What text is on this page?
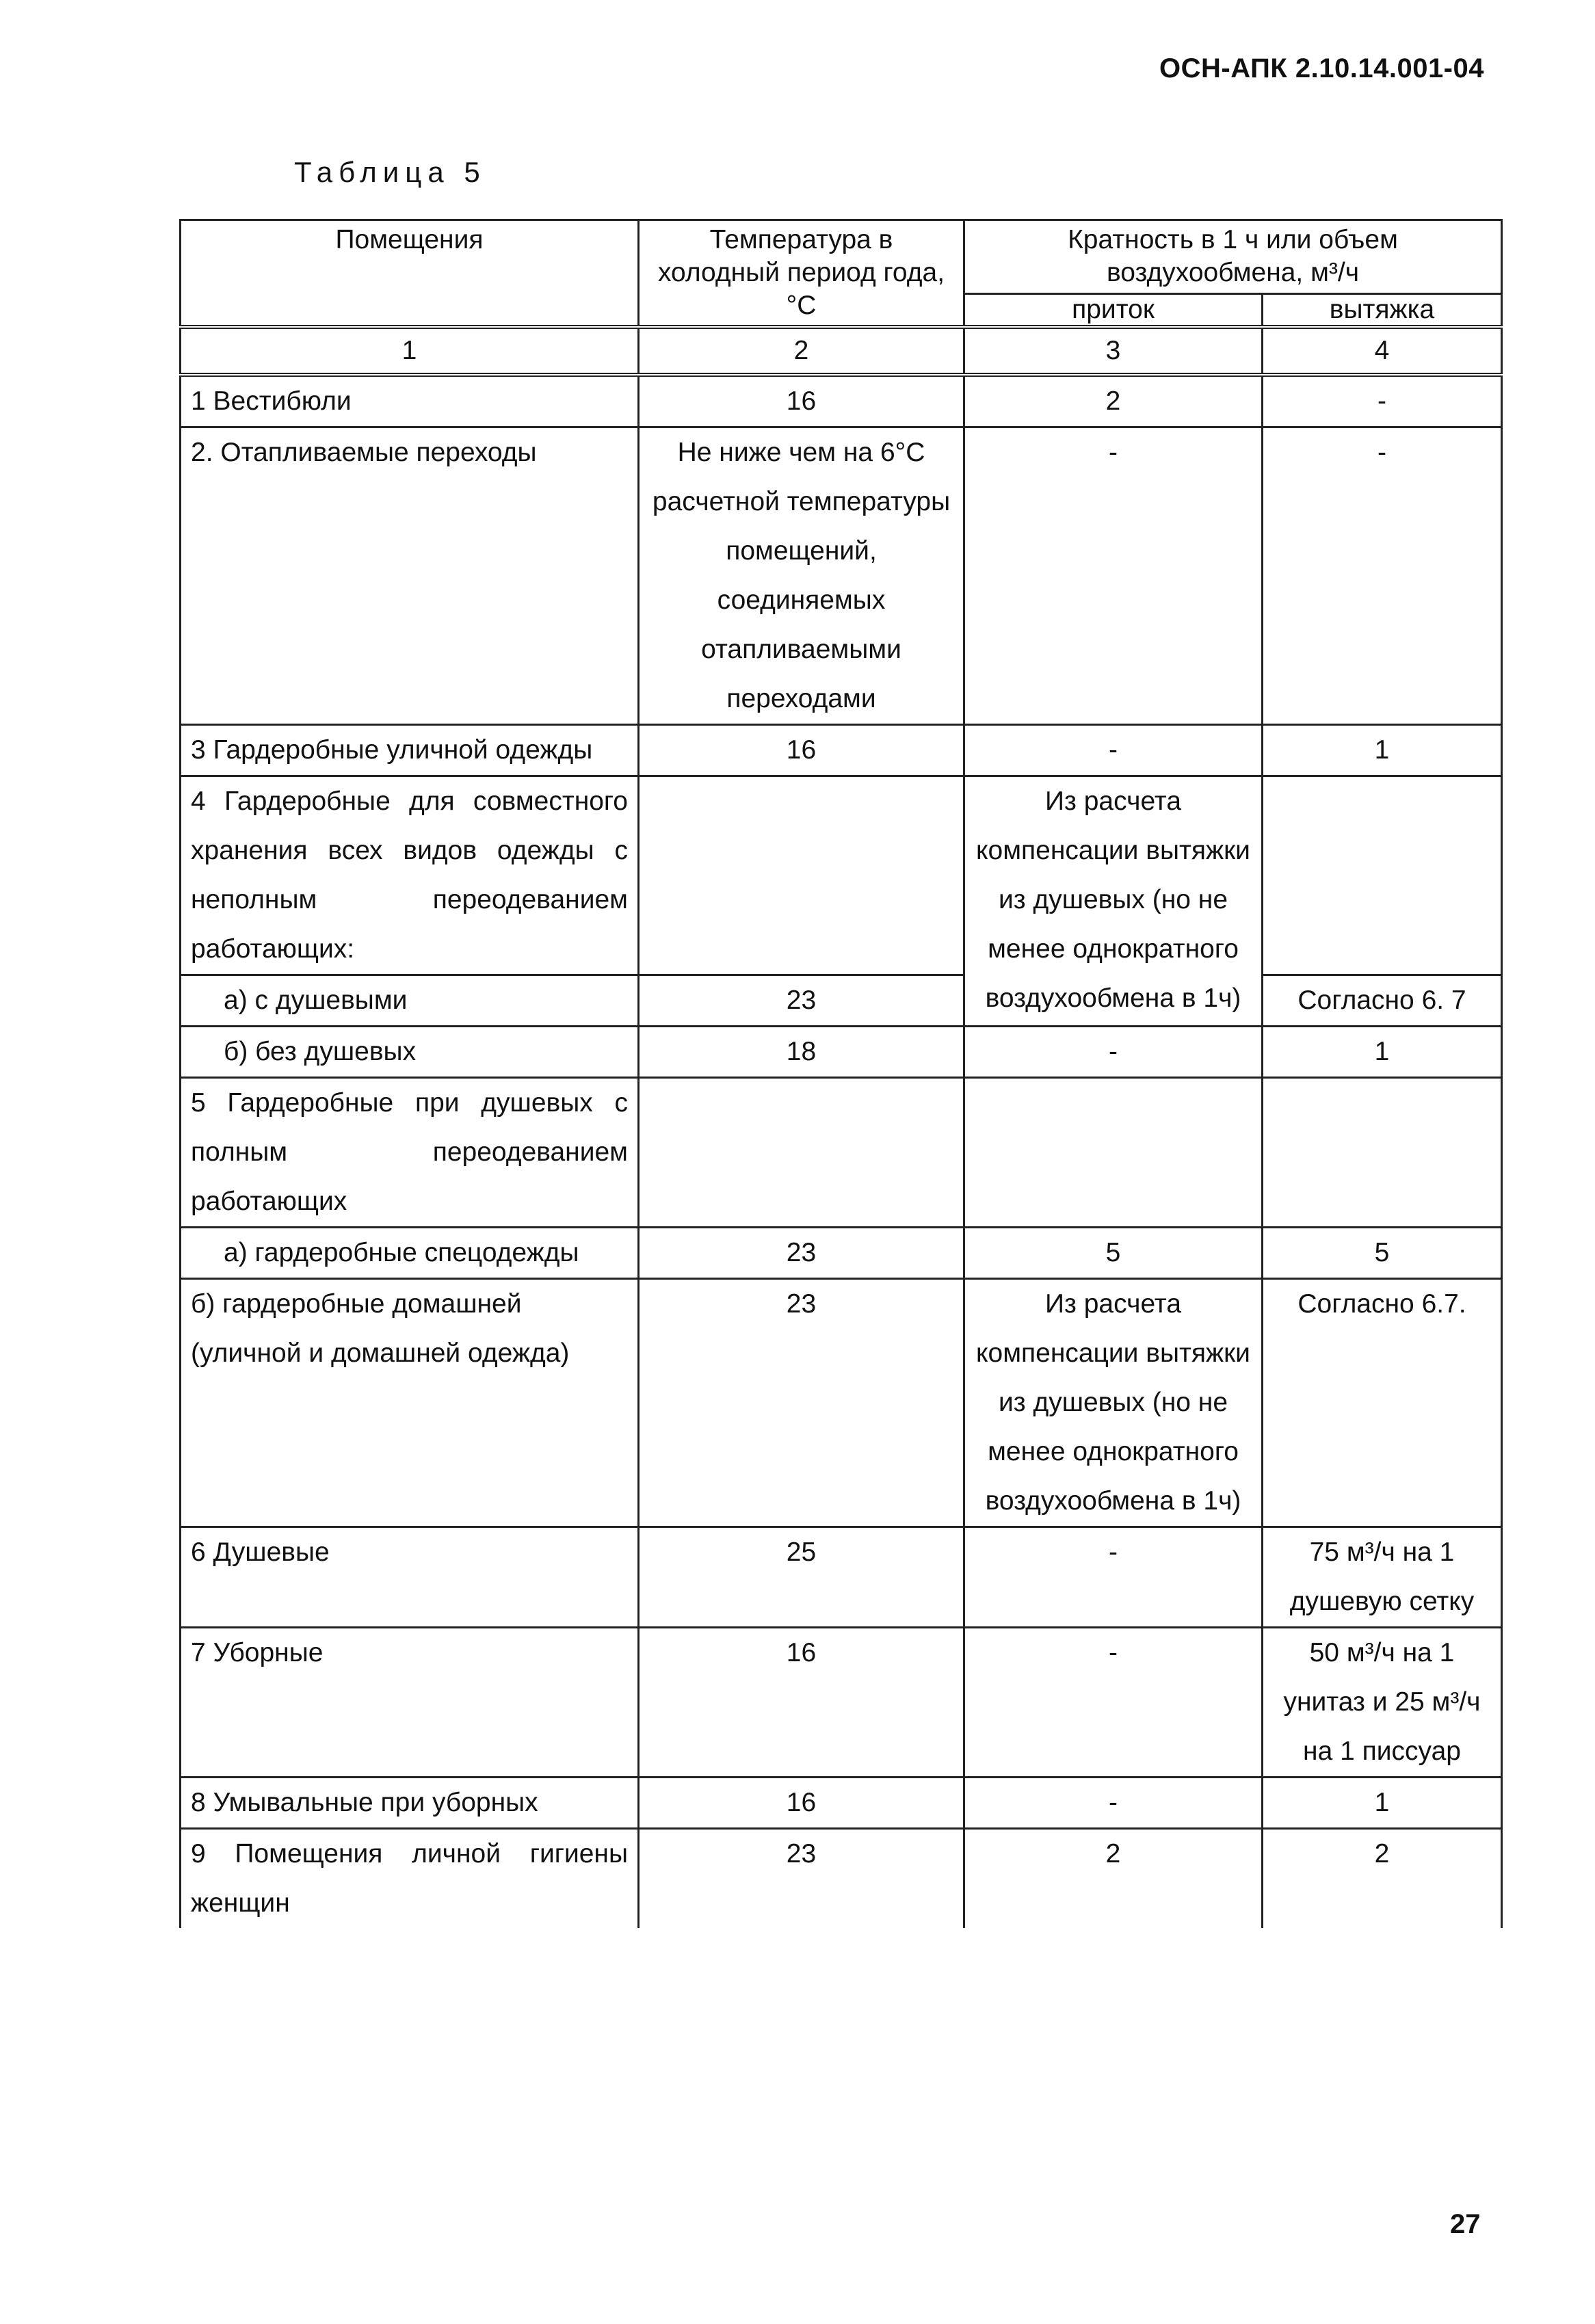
ОСН-АПК 2.10.14.001-04
Таблица 5
Помещения	Температура в холодный период года, °С	Кратность в 1 ч или объем воздухообмена, м³/ч	
		приток	вытяжка
1	2	3	4
1 Вестибюли	16	2	-
2. Отапливаемые переходы	Не ниже чем на 6°С расчетной температуры помещений, соединяемых отапливаемыми переходами	-	-
3 Гардеробные уличной одежды	16	-	1
4 Гардеробные для совместного хранения всех видов одежды с неполным переодеванием работающих:		Из расчета компенсации вытяжки из душевых (но не менее однократного воздухообмена в 1ч)	
а) с душевыми	23		Согласно 6. 7
б) без душевых	18	-	1
5 Гардеробные при душевых с полным переодеванием работающих			
а) гардеробные спецодежды	23	5	5
б) гардеробные домашней (уличной и домашней одежда)	23	Из расчета компенсации вытяжки из душевых (но не менее однократного воздухообмена в 1ч)	Согласно 6.7.
6 Душевые	25	-	75 м³/ч на 1 душевую сетку
7 Уборные	16	-	50 м³/ч на 1 унитаз и 25 м³/ч на 1 писсуар
8 Умывальные при уборных	16	-	1
9 Помещения личной гигиены женщин	23	2	2
27
